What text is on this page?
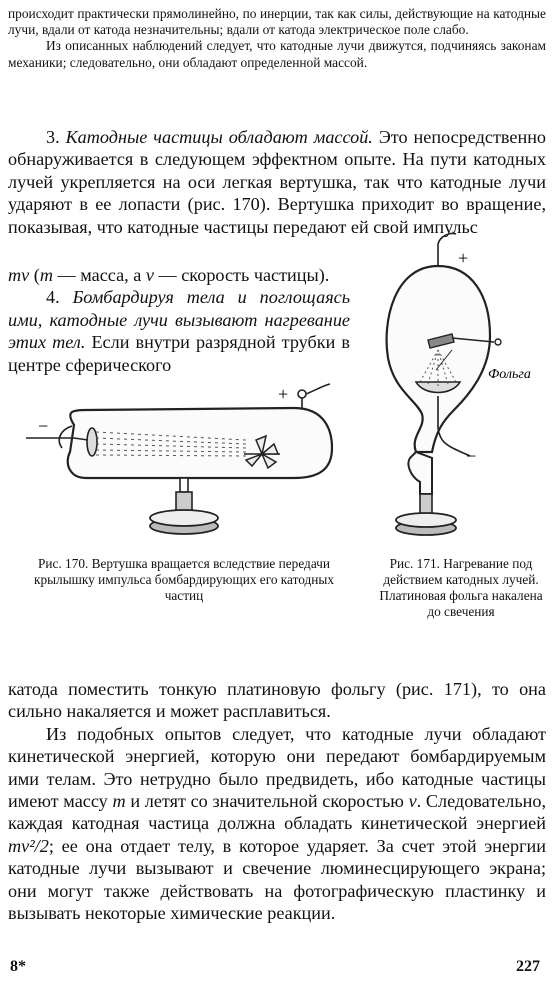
происходит практически прямолинейно, по инерции, так как силы, действующие на катодные лучи, вдали от катода незначительны; вдали от катода электрическое поле слабо.

Из описанных наблюдений следует, что катодные лучи движутся, подчиняясь законам механики; следовательно, они обладают определенной массой.

3. Катодные частицы обладают массой. Это непосредственно обнаруживается в следующем эффектном опыте. На пути катодных лучей укрепляется на оси легкая вертушка, так что катодные лучи ударяют в ее лопасти (рис. 170). Вертушка приходит во вращение, показывая, что катодные частицы передают ей свой импульс

mv (m — масса, а v — скорость частицы).

4. Бомбардируя тела и поглощаясь ими, катодные лучи вызывают нагревание этих тел. Если внутри разрядной трубки в центре сферического

+
−
+
−
Фольга
Рис. 170. Вертушка вращается вследствие передачи крылышку импульса бомбардирующих его катодных частиц
Рис. 171. Нагревание под действием катодных лучей. Платиновая фольга накалена до свечения

катода поместить тонкую платиновую фольгу (рис. 171), то она сильно накаляется и может расплавиться.

Из подобных опытов следует, что катодные лучи обладают кинетической энергией, которую они передают бомбардируемым ими телам. Это нетрудно было предвидеть, ибо катодные частицы имеют массу m и летят со значительной скоростью v. Следовательно, каждая катодная частица должна обладать кинетической энергией mv²/2; ее она отдает телу, в которое ударяет. За счет этой энергии катодные лучи вызывают и свечение люминесцирующего экрана; они могут также действовать на фотографическую пластинку и вызывать некоторые химические реакции.

8*	227
